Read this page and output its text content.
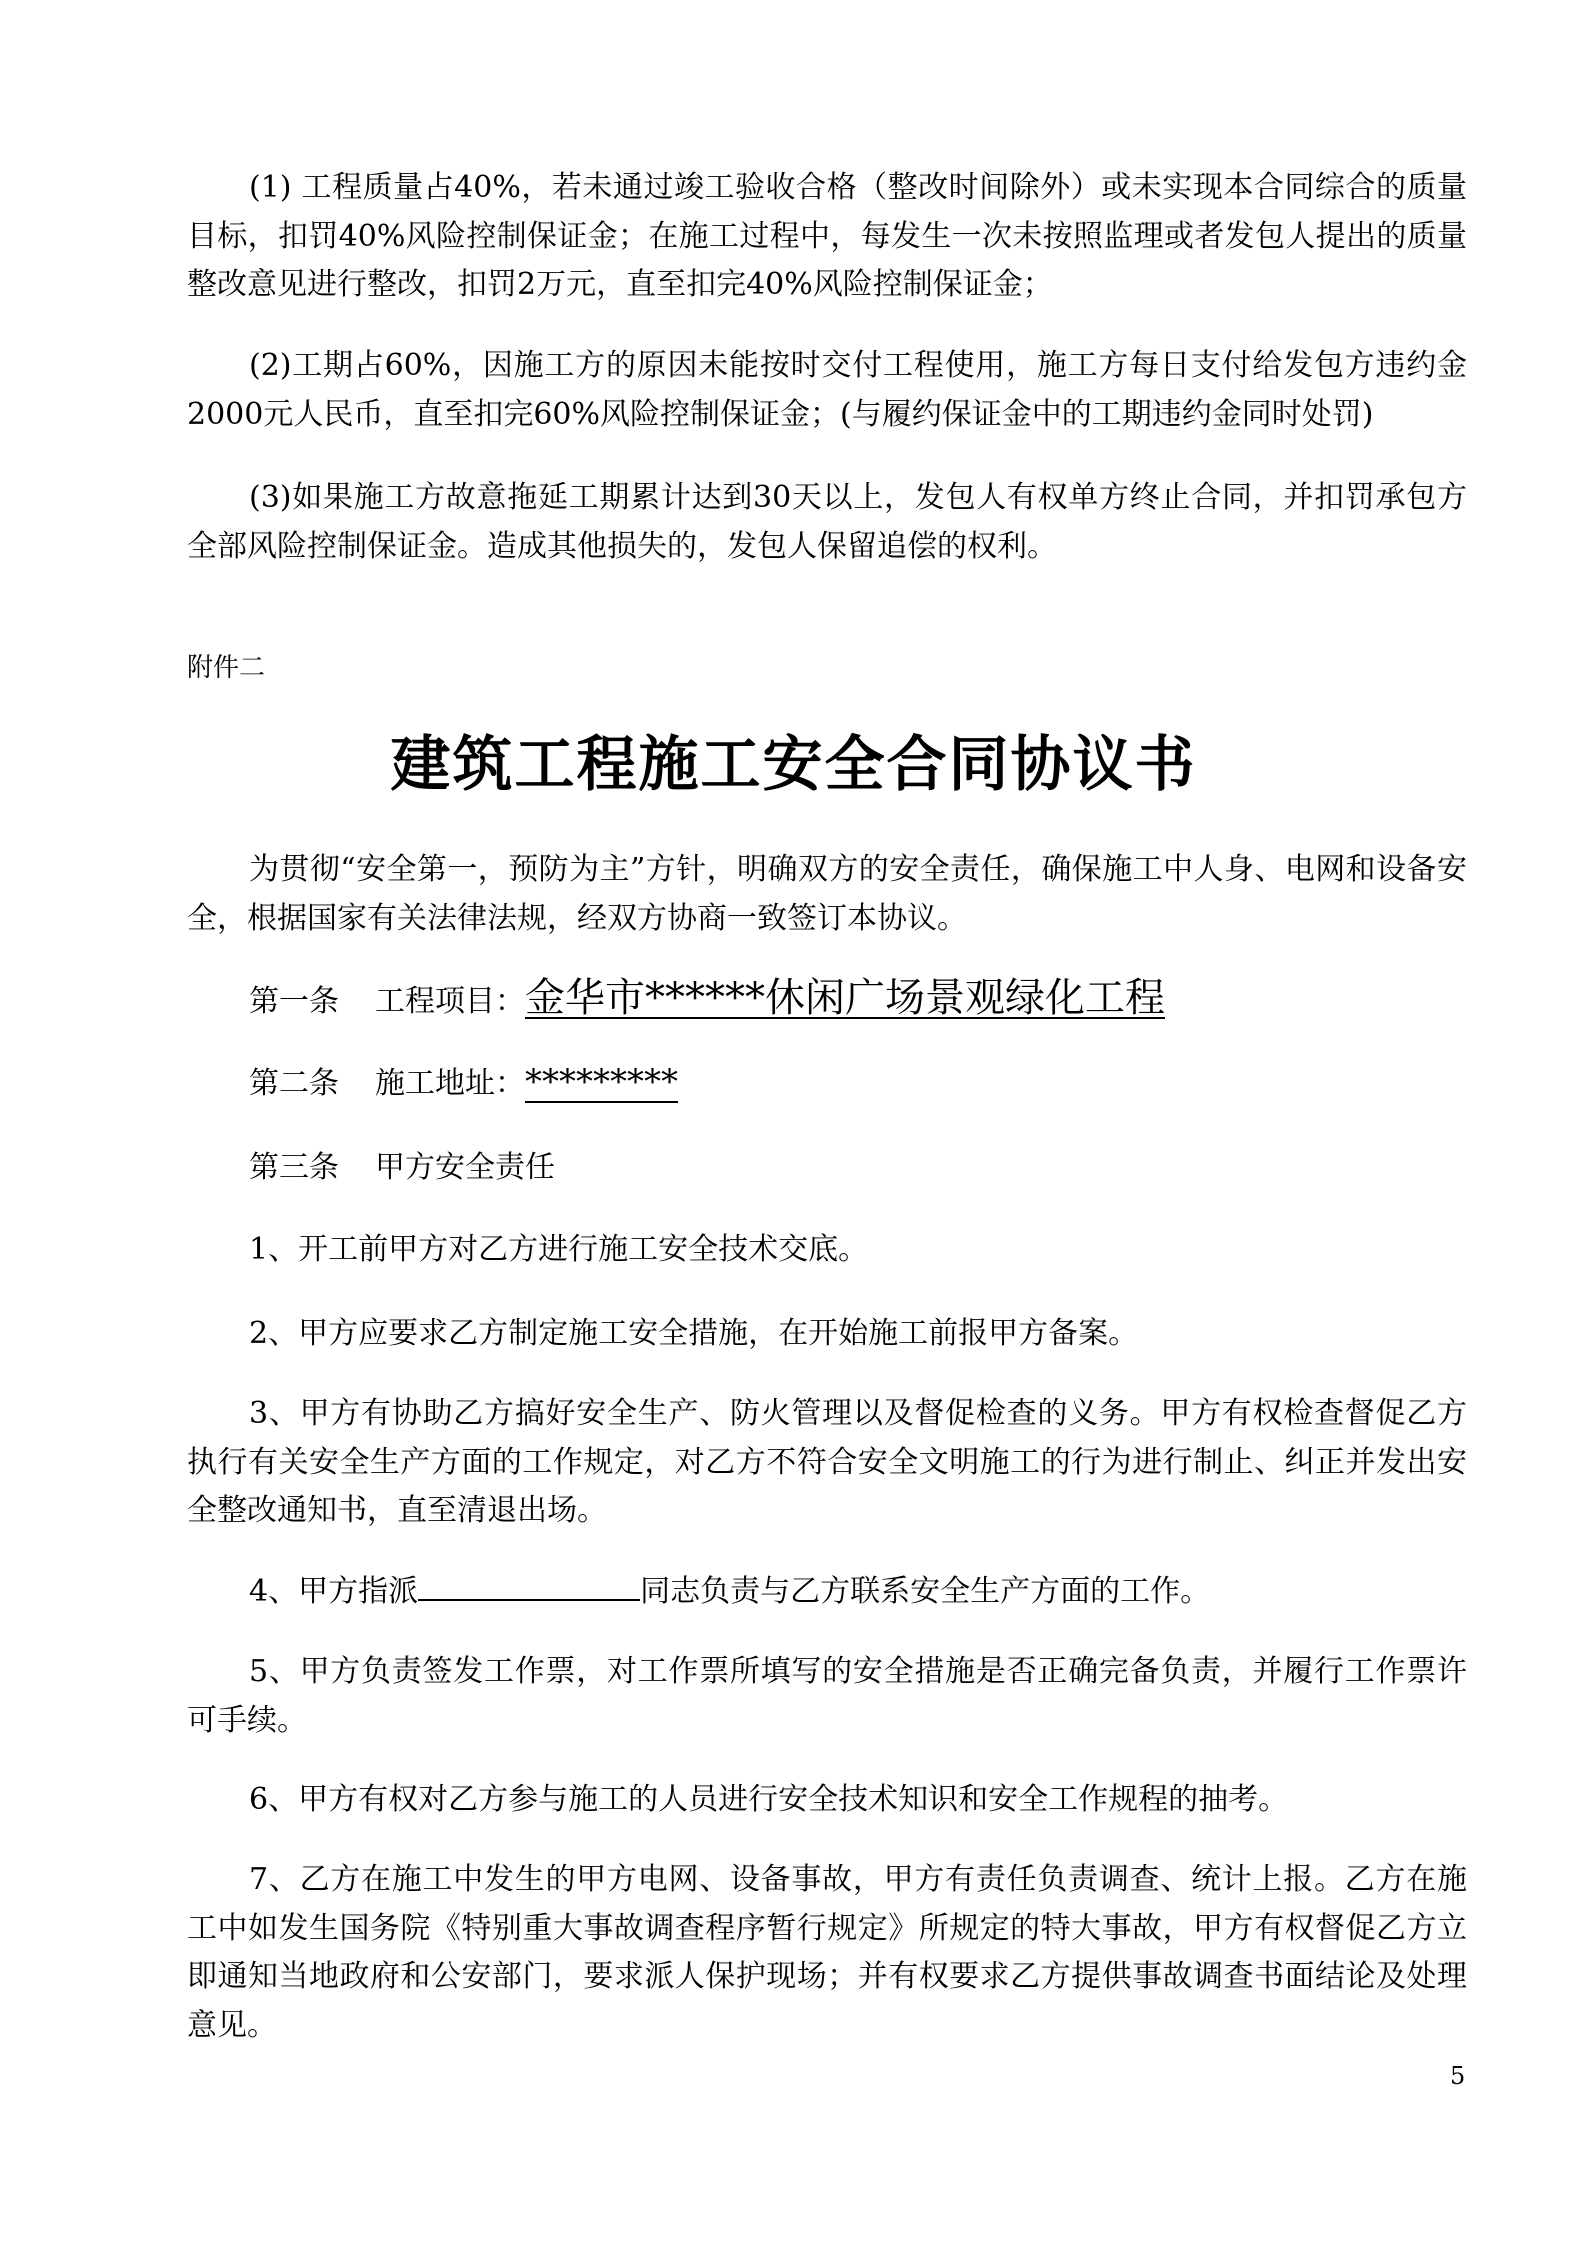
(1) 工程质量占40%，若未通过竣工验收合格（整改时间除外）或未实现本合同综合的质量目标，扣罚40%风险控制保证金；在施工过程中，每发生一次未按照监理或者发包人提出的质量整改意见进行整改，扣罚2万元，直至扣完40%风险控制保证金；

(2)工期占60%，因施工方的原因未能按时交付工程使用，施工方每日支付给发包方违约金2000元人民币，直至扣完60%风险控制保证金；(与履约保证金中的工期违约金同时处罚)

(3)如果施工方故意拖延工期累计达到30天以上，发包人有权单方终止合同，并扣罚承包方全部风险控制保证金。造成其他损失的，发包人保留追偿的权利。

附件二

建筑工程施工安全合同协议书

为贯彻“安全第一，预防为主”方针，明确双方的安全责任，确保施工中人身、电网和设备安全，根据国家有关法律法规，经双方协商一致签订本协议。

第一条 工程项目：金华市******休闲广场景观绿化工程

第二条 施工地址：*********

第三条 甲方安全责任

1、开工前甲方对乙方进行施工安全技术交底。

2、甲方应要求乙方制定施工安全措施，在开始施工前报甲方备案。

3、甲方有协助乙方搞好安全生产、防火管理以及督促检查的义务。甲方有权检查督促乙方执行有关安全生产方面的工作规定，对乙方不符合安全文明施工的行为进行制止、纠正并发出安全整改通知书，直至清退出场。

4、甲方指派	同志负责与乙方联系安全生产方面的工作。

5、甲方负责签发工作票，对工作票所填写的安全措施是否正确完备负责，并履行工作票许可手续。

6、甲方有权对乙方参与施工的人员进行安全技术知识和安全工作规程的抽考。

7、乙方在施工中发生的甲方电网、设备事故，甲方有责任负责调查、统计上报。乙方在施工中如发生国务院《特别重大事故调查程序暂行规定》所规定的特大事故，甲方有权督促乙方立即通知当地政府和公安部门，要求派人保护现场；并有权要求乙方提供事故调查书面结论及处理意见。

5
